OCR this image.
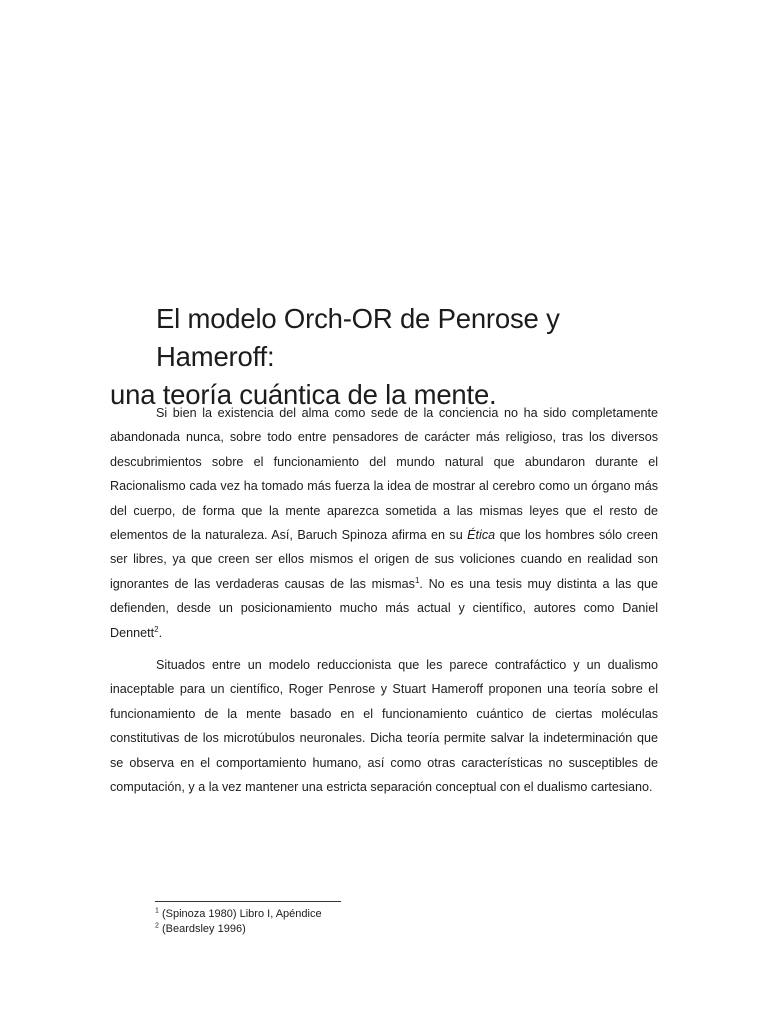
El modelo Orch-OR de Penrose y Hameroff:
una teoría cuántica de la mente.

Si bien la existencia del alma como sede de la conciencia no ha sido completamente abandonada nunca, sobre todo entre pensadores de carácter más religioso, tras los diversos descubrimientos sobre el funcionamiento del mundo natural que abundaron durante el Racionalismo cada vez ha tomado más fuerza la idea de mostrar al cerebro como un órgano más del cuerpo, de forma que la mente aparezca sometida a las mismas leyes que el resto de elementos de la naturaleza. Así, Baruch Spinoza afirma en su Ética que los hombres sólo creen ser libres, ya que creen ser ellos mismos el origen de sus voliciones cuando en realidad son ignorantes de las verdaderas causas de las mismas$^1$. No es una tesis muy distinta a las que defienden, desde un posicionamiento mucho más actual y científico, autores como Daniel Dennett$^2$.

Situados entre un modelo reduccionista que les parece contrafáctico y un dualismo inaceptable para un científico, Roger Penrose y Stuart Hameroff proponen una teoría sobre el funcionamiento de la mente basado en el funcionamiento cuántico de ciertas moléculas constitutivas de los microtúbulos neuronales. Dicha teoría permite salvar la indeterminación que se observa en el comportamiento humano, así como otras características no susceptibles de computación, y a la vez mantener una estricta separación conceptual con el dualismo cartesiano.

$^1$ (Spinoza 1980) Libro I, Apéndice
$^2$ (Beardsley 1996)
